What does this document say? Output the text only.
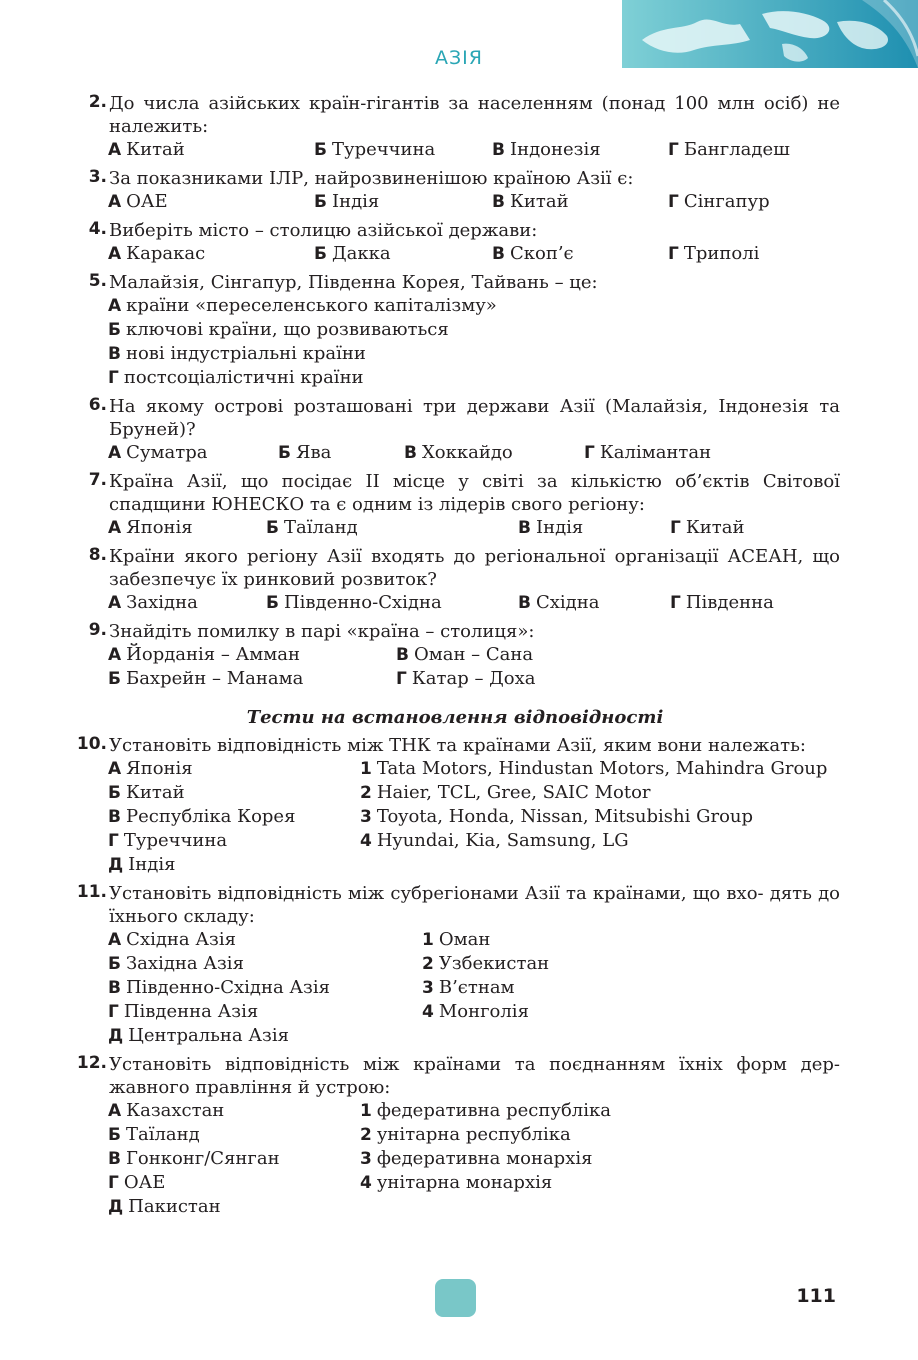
АЗІЯ
2. До числа азійських країн-гігантів за населенням (понад 100 млн осіб) не належить:
А Китай	Б Туреччина	В Індонезія	Г Бангладеш
3. За показниками ІЛР, найрозвиненішою країною Азії є:
А ОАЕ	Б Індія	В Китай	Г Сінгапур
4. Виберіть місто – столицю азійської держави:
А Каракас	Б Дакка	В Скоп’є	Г Триполі
5. Малайзія, Сінгапур, Південна Корея, Тайвань – це:
А країни «переселенського капіталізму»
Б ключові країни, що розвиваються
В нові індустріальні країни
Г постсоціалістичні країни
6. На якому острові розташовані три держави Азії (Малайзія, Індонезія та Бруней)?
А Суматра	Б Ява	В Хоккайдо	Г Калімантан
7. Країна Азії, що посідає ІІ місце у світі за кількістю об’єктів Світової спадщини ЮНЕСКО та є одним із лідерів свого регіону:
А Японія	Б Таїланд	В Індія	Г Китай
8. Країни якого регіону Азії входять до регіональної організації АСЕАН, що забезпечує їх ринковий розвиток?
А Західна	Б Південно-Східна	В Східна	Г Південна
9. Знайдіть помилку в парі «країна – столиця»:
А Йорданія – Амман
Б Бахрейн – Манама
В Оман – Сана
Г Катар – Доха
Тести на встановлення відповідності
10. Установіть відповідність між ТНК та країнами Азії, яким вони належать:
А Японія
Б Китай
В Республіка Корея
Г Туреччина
Д Індія
1 Tata Motors, Hindustan Motors, Mahindra Group
2 Haier, TCL, Gree, SAIC Motor
3 Toyota, Honda, Nissan, Mitsubishi Group
4 Hyundai, Kia, Samsung, LG
11. Установіть відповідність між субрегіонами Азії та країнами, що вхо- дять до їхнього складу:
А Східна Азія
Б Західна Азія
В Південно-Східна Азія
Г Південна Азія
Д Центральна Азія
1 Оман
2 Узбекистан
3 В’єтнам
4 Монголія
12. Установіть відповідність між країнами та поєднанням їхніх форм дер- жавного правління й устрою:
А Казахстан
Б Таїланд
В Гонконг/Сянган
Г ОАЕ
Д Пакистан
1 федеративна республіка
2 унітарна республіка
3 федеративна монархія
4 унітарна монархія
111
